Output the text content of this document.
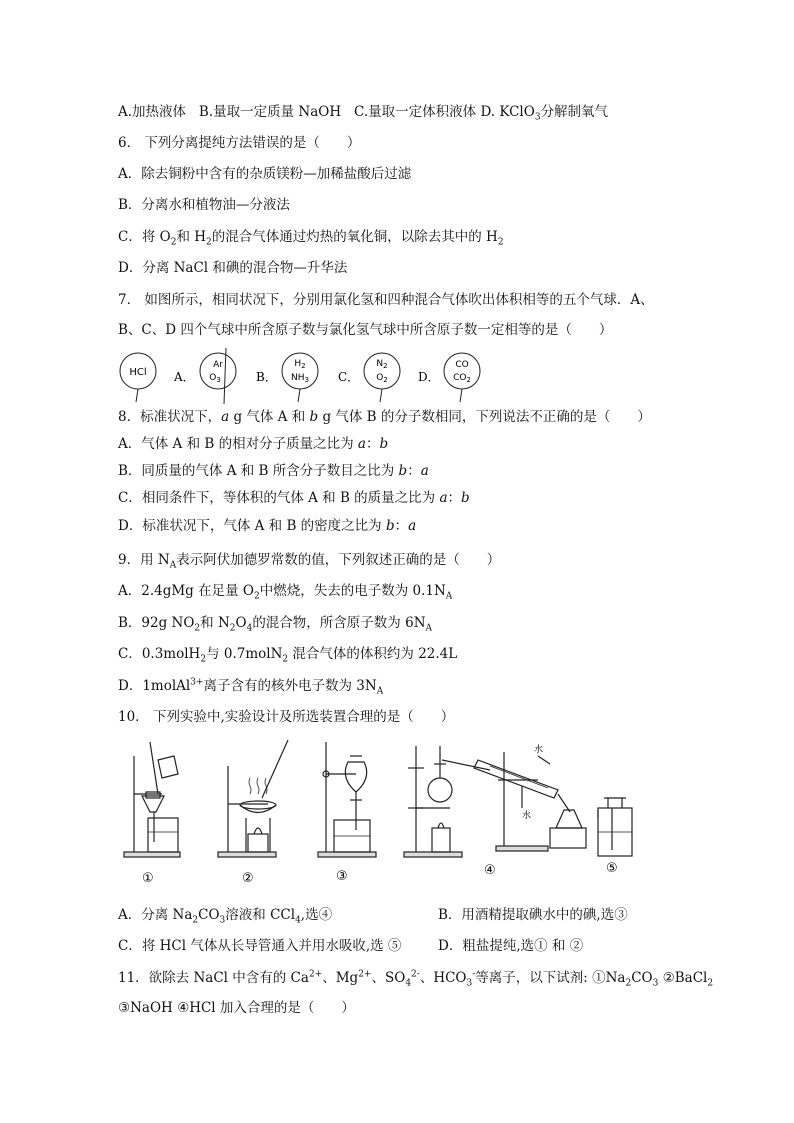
A.加热液体 B.量取一定质量 NaOH C.量取一定体积液体 D. KClO$_3$分解制氧气
6． 下列分离提纯方法错误的是（　　）
A．除去铜粉中含有的杂质镁粉—加稀盐酸后过滤
B．分离水和植物油—分液法
C．将 $O_2$和 $H_2$的混合气体通过灼热的氧化铜，以除去其中的 $H_2$
D．分离 NaCl 和碘的混合物—升华法
7． 如图所示，相同状况下，分别用氯化氢和四种混合气体吹出体积相等的五个气球．A、
B、C、D 四个气球中所含原子数与氯化氢气球中所含原子数一定相等的是（　　）
HCl A．
Ar
$O_3$	B．
$H_2$
$NH_3$ C．
$N_2$
$O_2$	D．
CO
$CO_2$
8．标准状况下，a g 气体 A 和 b g 气体 B 的分子数相同，下列说法不正确的是（　　）
A．气体 A 和 B 的相对分子质量之比为 a：b
B．同质量的气体 A 和 B 所含分子数目之比为 b：a
C．相同条件下，等体积的气体 A 和 B 的质量之比为 a：b
D．标准状况下，气体 A 和 B 的密度之比为 b：a
9．用 $N_A$表示阿伏加德罗常数的值，下列叙述正确的是（　　）
A．2.4gMg 在足量 $O_2$中燃烧，失去的电子数为 $0.1N_A$
B．92g $NO_2$和 $N_2O_4$的混合物，所含原子数为 $6N_A$
C．0.3molH$_2$与 0.7molN$_2$ 混合气体的体积约为 22.4L
D．1molAl$^{3+}$离子含有的核外电子数为 $3N_A$
10． 下列实验中,实验设计及所选装置合理的是（　　）
水
水
①	②	③	④	⑤
A．分离 $Na_2CO_3$溶液和 CCl$_4$,选④	B．用酒精提取碘水中的碘,选③
C．将 HCl 气体从长导管通入并用水吸收,选 ⑤	D．粗盐提纯,选① 和 ②
11．欲除去 NaCl 中含有的 $Ca^{2+}$、$Mg^{2+}$、$SO_4^{2-}$、$HCO_3^-$等离子，以下试剂: $①Na_2CO_3$ ②BaCl$_2$
③NaOH ④HCl 加入合理的是（　　）
